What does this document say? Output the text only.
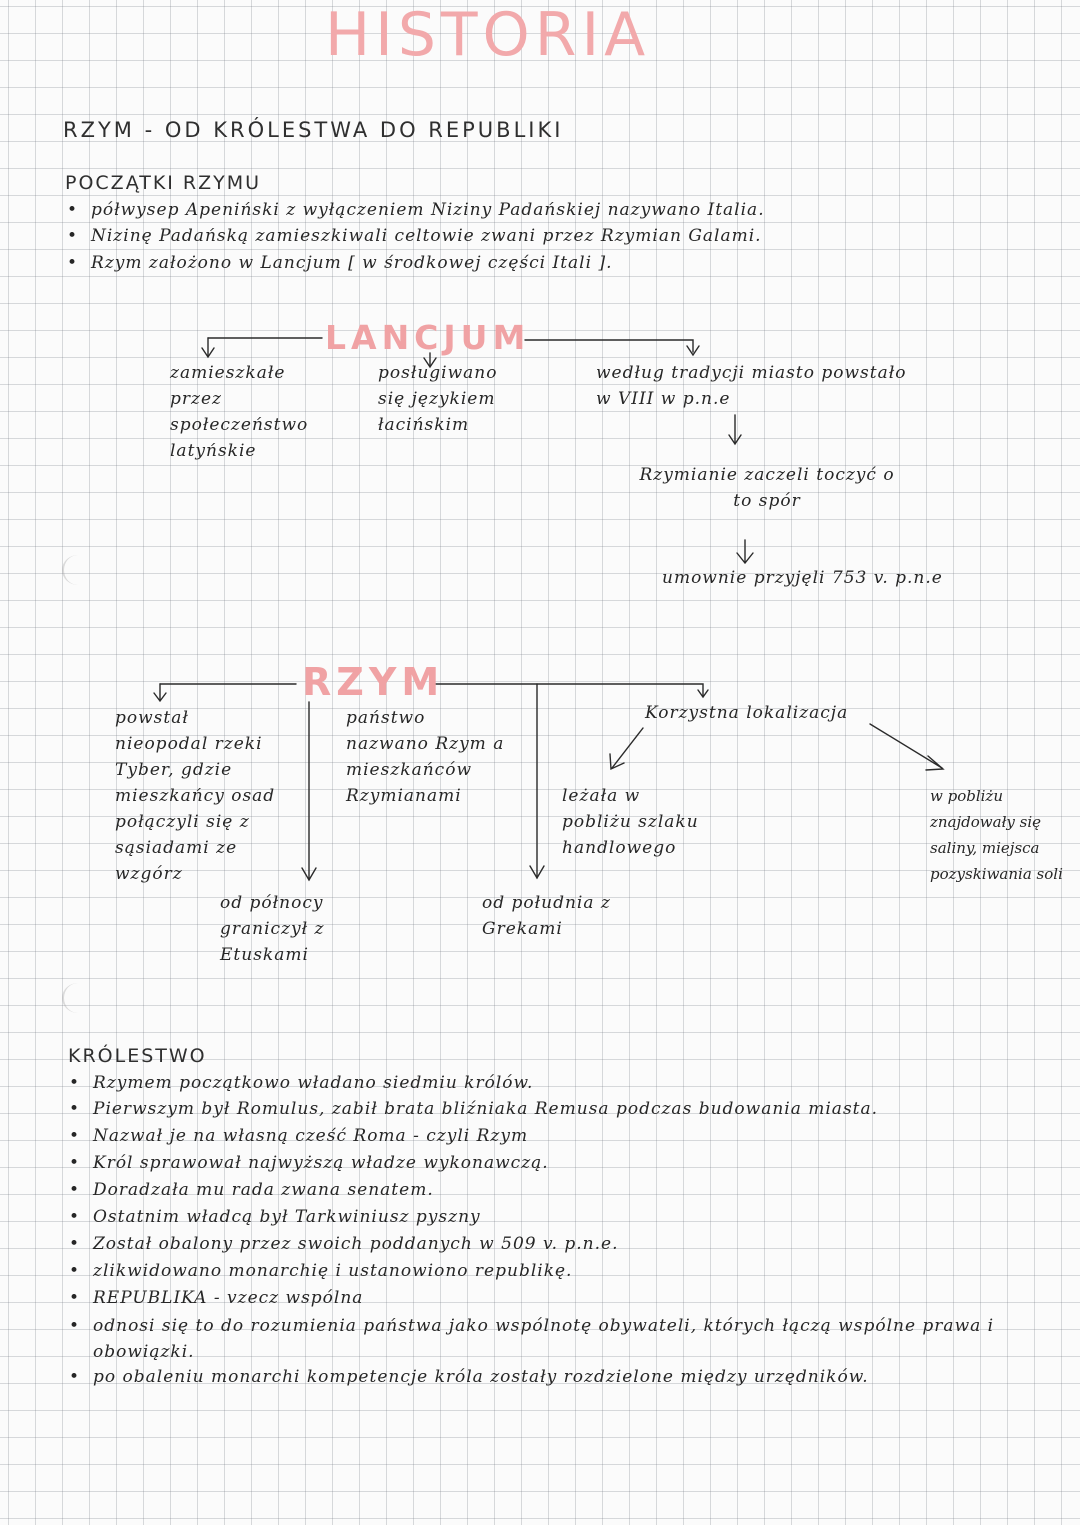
HISTORIA
RZYM - OD KRÓLESTWA DO REPUBLIKI
POCZĄTKI RZYMU
• półwysep Apeniński z wyłączeniem Niziny Padańskiej nazywano Italia.
• Nizinę Padańską zamieszkiwali celtowie zwani przez Rzymian Galami.
• Rzym założono w Lancjum [ w środkowej części Itali ].
LANCJUM
zamieszkałe przez społeczeństwo latyńskie
posługiwano się językiem łacińskim
według tradycji miasto powstało w VIII w p.n.e
Rzymianie zaczeli toczyć o to spór
umownie przyjęli 753 v. p.n.e
RZYM
powstał nieopodal rzeki Tyber, gdzie mieszkańcy osad połączyli się z sąsiadami ze wzgórz
od północy graniczył z Etuskami
państwo nazwano Rzym a mieszkańców Rzymianami
od południa z Grekami
Korzystna lokalizacja
leżała w pobliżu szlaku handlowego
w pobliżu znajdowały się saliny, miejsca pozyskiwania soli
KRÓLESTWO
• Rzymem początkowo władano siedmiu królów.
• Pierwszym był Romulus, zabił brata bliźniaka Remusa podczas budowania miasta.
• Nazwał je na własną cześć Roma - czyli Rzym
• Król sprawował najwyższą władze wykonawczą.
• Doradzała mu rada zwana senatem.
• Ostatnim władcą był Tarkwiniusz pyszny
• Został obalony przez swoich poddanych w 509 v. p.n.e.
• zlikwidowano monarchię i ustanowiono republikę.
• REPUBLIKA - vzecz wspólna
• odnosi się to do rozumienia państwa jako wspólnotę obywateli, których łączą wspólne prawa i obowiązki.
• po obaleniu monarchi kompetencje króla zostały rozdzielone między urzędników.
